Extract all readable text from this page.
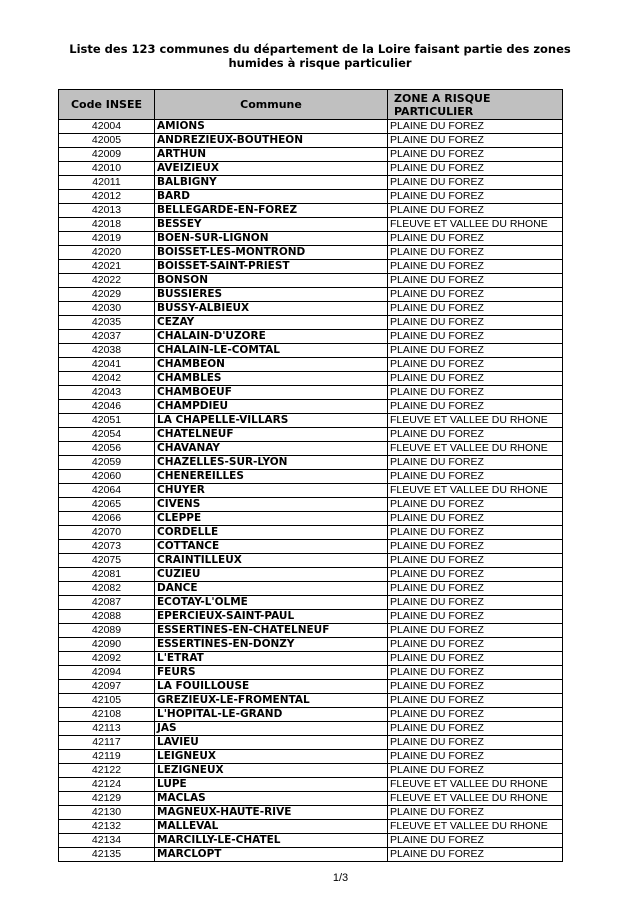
Liste des 123 communes du département de la Loire faisant partie des zones humides à risque particulier
Code INSEE	Commune	ZONE A RISQUE PARTICULIER
42004	AMIONS	PLAINE DU FOREZ
42005	ANDREZIEUX-BOUTHEON	PLAINE DU FOREZ
42009	ARTHUN	PLAINE DU FOREZ
42010	AVEIZIEUX	PLAINE DU FOREZ
42011	BALBIGNY	PLAINE DU FOREZ
42012	BARD	PLAINE DU FOREZ
42013	BELLEGARDE-EN-FOREZ	PLAINE DU FOREZ
42018	BESSEY	FLEUVE ET VALLEE DU RHONE
42019	BOEN-SUR-LIGNON	PLAINE DU FOREZ
42020	BOISSET-LES-MONTROND	PLAINE DU FOREZ
42021	BOISSET-SAINT-PRIEST	PLAINE DU FOREZ
42022	BONSON	PLAINE DU FOREZ
42029	BUSSIERES	PLAINE DU FOREZ
42030	BUSSY-ALBIEUX	PLAINE DU FOREZ
42035	CEZAY	PLAINE DU FOREZ
42037	CHALAIN-D'UZORE	PLAINE DU FOREZ
42038	CHALAIN-LE-COMTAL	PLAINE DU FOREZ
42041	CHAMBEON	PLAINE DU FOREZ
42042	CHAMBLES	PLAINE DU FOREZ
42043	CHAMBOEUF	PLAINE DU FOREZ
42046	CHAMPDIEU	PLAINE DU FOREZ
42051	LA CHAPELLE-VILLARS	FLEUVE ET VALLEE DU RHONE
42054	CHATELNEUF	PLAINE DU FOREZ
42056	CHAVANAY	FLEUVE ET VALLEE DU RHONE
42059	CHAZELLES-SUR-LYON	PLAINE DU FOREZ
42060	CHENEREILLES	PLAINE DU FOREZ
42064	CHUYER	FLEUVE ET VALLEE DU RHONE
42065	CIVENS	PLAINE DU FOREZ
42066	CLEPPE	PLAINE DU FOREZ
42070	CORDELLE	PLAINE DU FOREZ
42073	COTTANCE	PLAINE DU FOREZ
42075	CRAINTILLEUX	PLAINE DU FOREZ
42081	CUZIEU	PLAINE DU FOREZ
42082	DANCE	PLAINE DU FOREZ
42087	ECOTAY-L'OLME	PLAINE DU FOREZ
42088	EPERCIEUX-SAINT-PAUL	PLAINE DU FOREZ
42089	ESSERTINES-EN-CHATELNEUF	PLAINE DU FOREZ
42090	ESSERTINES-EN-DONZY	PLAINE DU FOREZ
42092	L'ETRAT	PLAINE DU FOREZ
42094	FEURS	PLAINE DU FOREZ
42097	LA FOUILLOUSE	PLAINE DU FOREZ
42105	GREZIEUX-LE-FROMENTAL	PLAINE DU FOREZ
42108	L'HOPITAL-LE-GRAND	PLAINE DU FOREZ
42113	JAS	PLAINE DU FOREZ
42117	LAVIEU	PLAINE DU FOREZ
42119	LEIGNEUX	PLAINE DU FOREZ
42122	LEZIGNEUX	PLAINE DU FOREZ
42124	LUPE	FLEUVE ET VALLEE DU RHONE
42129	MACLAS	FLEUVE ET VALLEE DU RHONE
42130	MAGNEUX-HAUTE-RIVE	PLAINE DU FOREZ
42132	MALLEVAL	FLEUVE ET VALLEE DU RHONE
42134	MARCILLY-LE-CHATEL	PLAINE DU FOREZ
42135	MARCLOPT	PLAINE DU FOREZ
1/3
